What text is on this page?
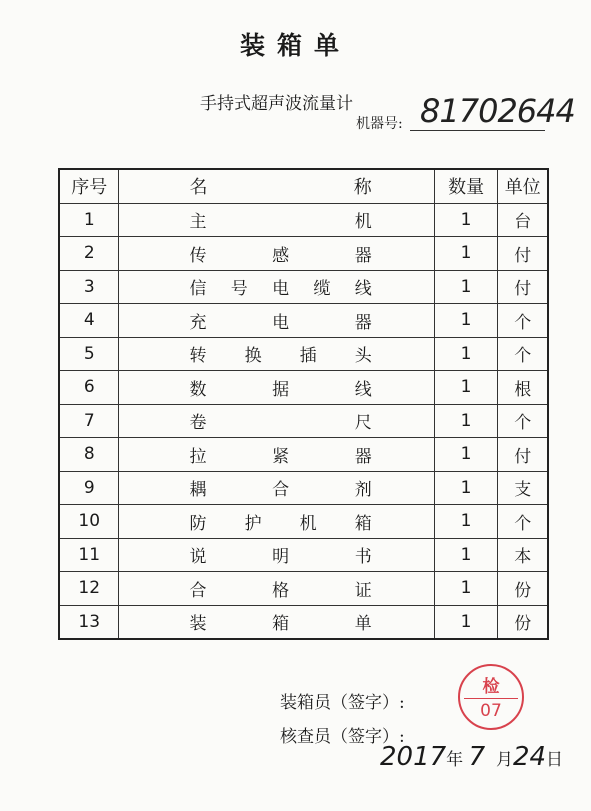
装箱单
手持式超声波流量计
机器号: 81702644
序号	名称	数量	单位
1	主机	1	台
2	传感器	1	付
3	信号电缆线	1	付
4	充电器	1	个
5	转换插头	1	个
6	数据线	1	根
7	卷尺	1	个
8	拉紧器	1	付
9	耦合剂	1	支
10	防护机箱	1	个
11	说明书	1	本
12	合格证	1	份
13	装箱单	1	份
装箱员（签字）:
核查员（签字）:
检
07
2017年 7 月24日
